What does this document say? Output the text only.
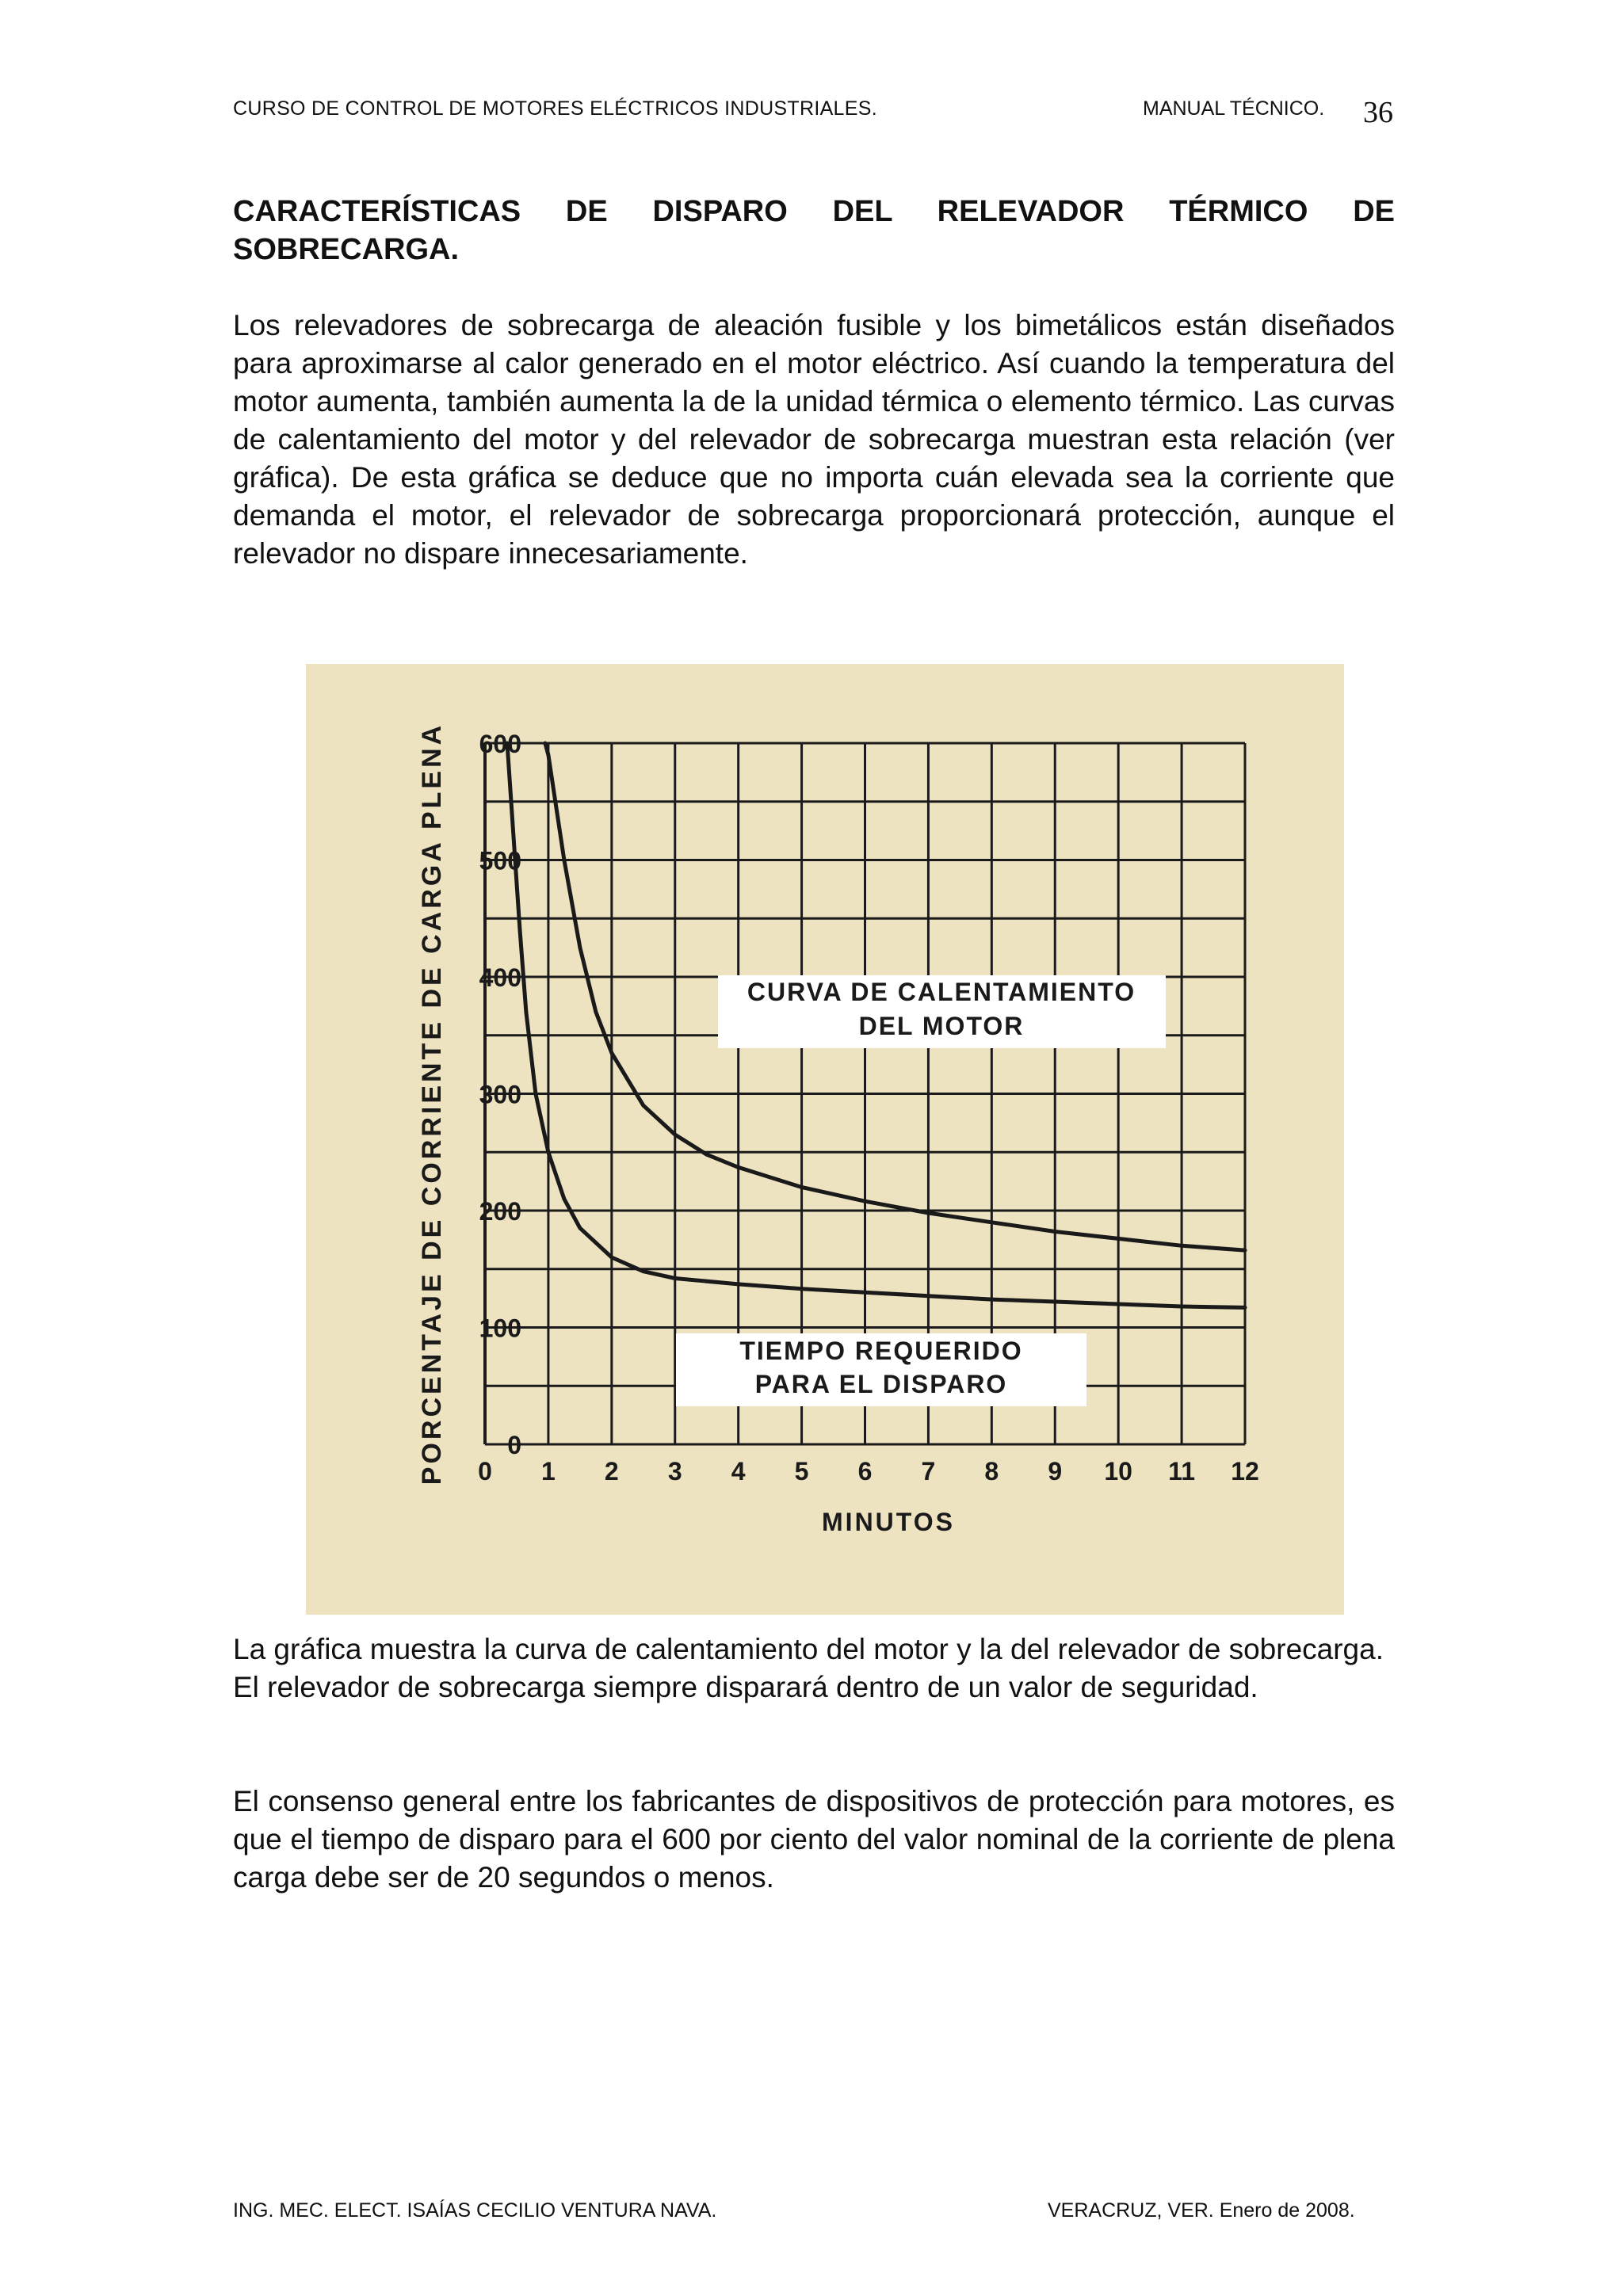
CURSO DE CONTROL DE MOTORES ELÉCTRICOS INDUSTRIALES.	MANUAL TÉCNICO. 36
CARACTERÍSTICAS DE DISPARO DEL RELEVADOR TÉRMICO DE SOBRECARGA.
Los relevadores de sobrecarga de aleación fusible y los bimetálicos están diseñados para aproximarse al calor generado en el motor eléctrico. Así cuando la temperatura del motor aumenta, también aumenta la de la unidad térmica o elemento térmico. Las curvas de calentamiento del motor y del relevador de sobrecarga muestran esta relación (ver gráfica). De esta gráfica se deduce que no importa cuán elevada sea la corriente que demanda el motor, el relevador de sobrecarga proporcionará protección, aunque el relevador no dispare innecesariamente.
0 1 2 3 4 5 6 7 8 9 10 11 12
0
100
200
300
400
500
600
PORCENTAJE DE CORRIENTE DE CARGA PLENA
MINUTOS
CURVA DE CALENTAMIENTO
DEL MOTOR
TIEMPO REQUERIDO
PARA EL DISPARO
La gráfica muestra la curva de calentamiento del motor y la del relevador de sobrecarga.
El relevador de sobrecarga siempre disparará dentro de un valor de seguridad.
El consenso general entre los fabricantes de dispositivos de protección para motores, es que el tiempo de disparo para el 600 por ciento del valor nominal de la corriente de plena carga debe ser de 20 segundos o menos.
ING. MEC. ELECT. ISAÍAS CECILIO VENTURA NAVA.	VERACRUZ, VER. Enero de 2008.
